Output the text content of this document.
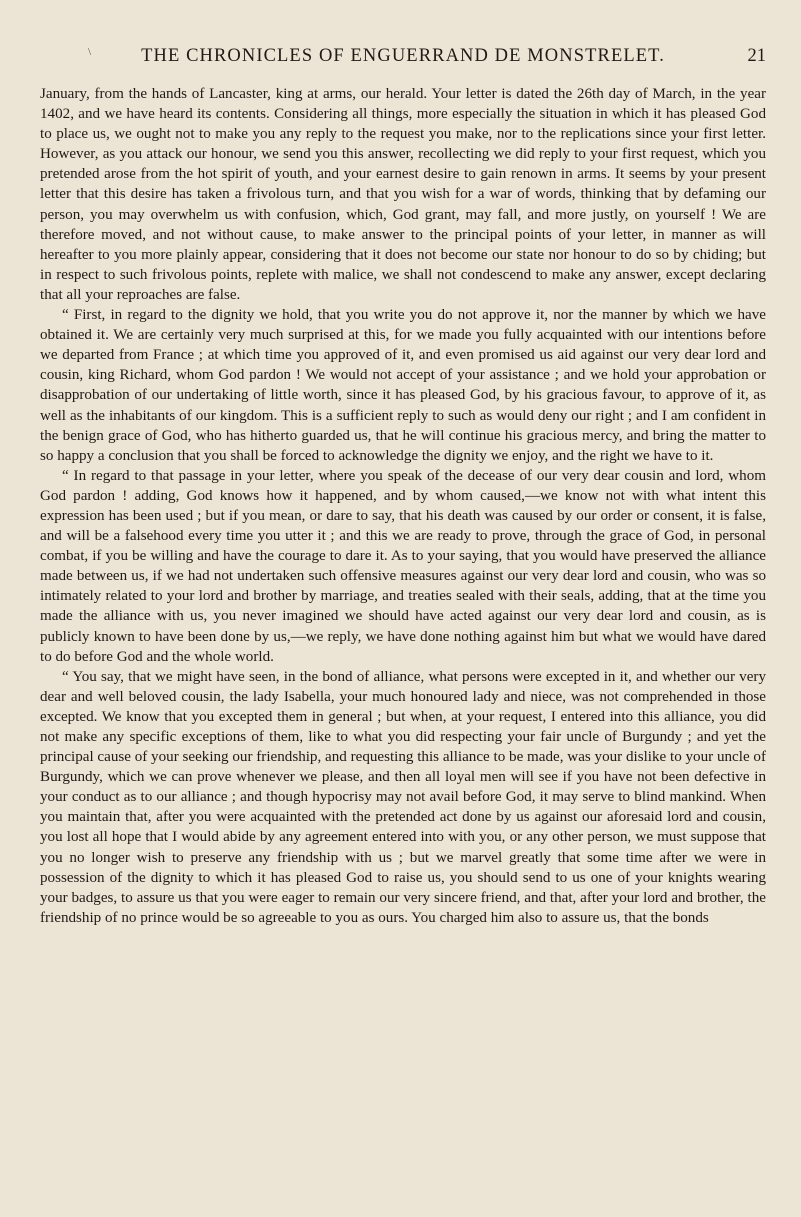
\	THE CHRONICLES OF ENGUERRAND DE MONSTRELET.	21

January, from the hands of Lancaster, king at arms, our herald. Your letter is dated the 26th day of March, in the year 1402, and we have heard its contents. Considering all things, more especially the situation in which it has pleased God to place us, we ought not to make you any reply to the request you make, nor to the replications since your first letter. However, as you attack our honour, we send you this answer, recollecting we did reply to your first request, which you pretended arose from the hot spirit of youth, and your earnest desire to gain renown in arms. It seems by your present letter that this desire has taken a frivolous turn, and that you wish for a war of words, thinking that by defaming our person, you may overwhelm us with confusion, which, God grant, may fall, and more justly, on yourself ! We are therefore moved, and not without cause, to make answer to the principal points of your letter, in manner as will hereafter to you more plainly appear, considering that it does not become our state nor honour to do so by chiding; but in respect to such frivolous points, replete with malice, we shall not condescend to make any answer, except declaring that all your reproaches are false.

“ First, in regard to the dignity we hold, that you write you do not approve it, nor the manner by which we have obtained it. We are certainly very much surprised at this, for we made you fully acquainted with our intentions before we departed from France ; at which time you approved of it, and even promised us aid against our very dear lord and cousin, king Richard, whom God pardon ! We would not accept of your assistance ; and we hold your approbation or disapprobation of our undertaking of little worth, since it has pleased God, by his gracious favour, to approve of it, as well as the inhabitants of our kingdom. This is a sufficient reply to such as would deny our right ; and I am confident in the benign grace of God, who has hitherto guarded us, that he will continue his gracious mercy, and bring the matter to so happy a conclusion that you shall be forced to acknowledge the dignity we enjoy, and the right we have to it.

“ In regard to that passage in your letter, where you speak of the decease of our very dear cousin and lord, whom God pardon ! adding, God knows how it happened, and by whom caused,—we know not with what intent this expression has been used ; but if you mean, or dare to say, that his death was caused by our order or consent, it is false, and will be a falsehood every time you utter it ; and this we are ready to prove, through the grace of God, in personal combat, if you be willing and have the courage to dare it. As to your saying, that you would have preserved the alliance made between us, if we had not undertaken such offensive measures against our very dear lord and cousin, who was so intimately related to your lord and brother by marriage, and treaties sealed with their seals, adding, that at the time you made the alliance with us, you never imagined we should have acted against our very dear lord and cousin, as is publicly known to have been done by us,—we reply, we have done nothing against him but what we would have dared to do before God and the whole world.

“ You say, that we might have seen, in the bond of alliance, what persons were excepted in it, and whether our very dear and well beloved cousin, the lady Isabella, your much honoured lady and niece, was not comprehended in those excepted. We know that you excepted them in general ; but when, at your request, I entered into this alliance, you did not make any specific exceptions of them, like to what you did respecting your fair uncle of Burgundy ; and yet the principal cause of your seeking our friendship, and requesting this alliance to be made, was your dislike to your uncle of Burgundy, which we can prove whenever we please, and then all loyal men will see if you have not been defective in your conduct as to our alliance ; and though hypocrisy may not avail before God, it may serve to blind mankind. When you maintain that, after you were acquainted with the pretended act done by us against our aforesaid lord and cousin, you lost all hope that I would abide by any agreement entered into with you, or any other person, we must suppose that you no longer wish to preserve any friendship with us ; but we marvel greatly that some time after we were in possession of the dignity to which it has pleased God to raise us, you should send to us one of your knights wearing your badges, to assure us that you were eager to remain our very sincere friend, and that, after your lord and brother, the friendship of no prince would be so agreeable to you as ours. You charged him also to assure us, that the bonds
